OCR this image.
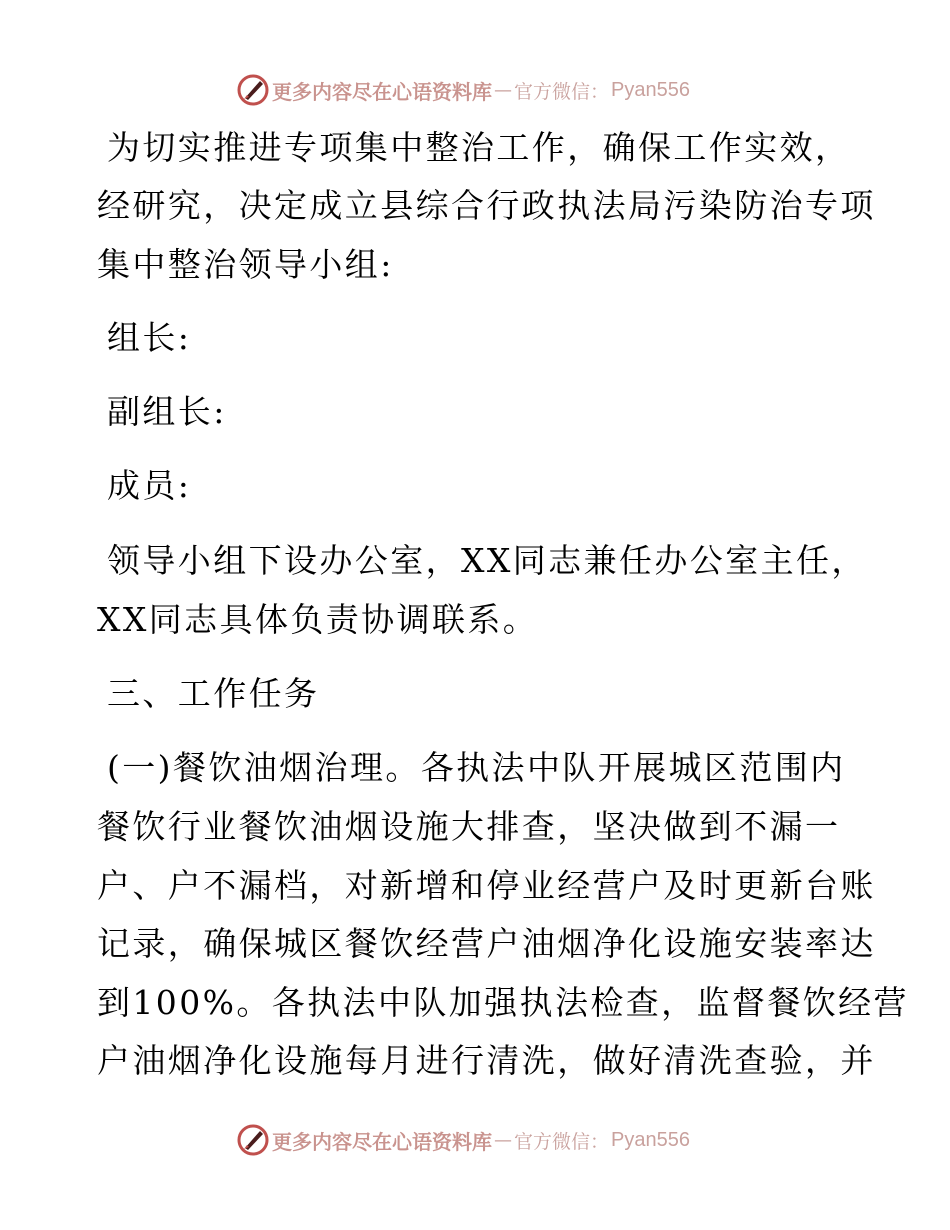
更多内容尽在心语资料库 — 官方微信： Pyan556
为切实推进专项集中整治工作，确保工作实效，
经研究，决定成立县综合行政执法局污染防治专项
集中整治领导小组:
组长:
副组长:
成员:
领导小组下设办公室，XX同志兼任办公室主任，
XX同志具体负责协调联系。
三、工作任务
(一)餐饮油烟治理。各执法中队开展城区范围内
餐饮行业餐饮油烟设施大排查，坚决做到不漏一
户、户不漏档，对新增和停业经营户及时更新台账
记录，确保城区餐饮经营户油烟净化设施安装率达
到100%。各执法中队加强执法检查，监督餐饮经营
户油烟净化设施每月进行清洗，做好清洗查验，并
更多内容尽在心语资料库 — 官方微信： Pyan556
